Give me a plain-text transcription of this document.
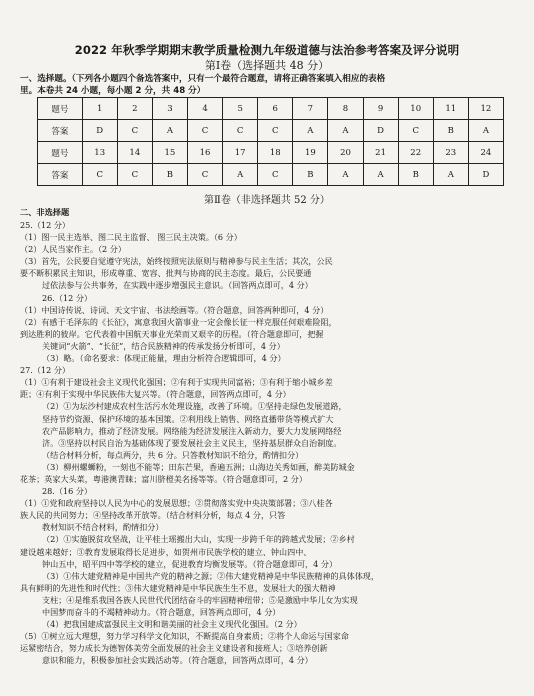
2022 年秋季学期期末教学质量检测九年级道德与法治参考答案及评分说明
第Ⅰ卷（选择题共 48 分）
一、选择题。（下列各小题四个备选答案中，只有一个最符合题意，请将正确答案填入相应的表格
里。本卷共 24 小题，每小题 2 分，共 48 分）
题号	1	2	3	4	5	6	7	8	9	10	11	12
答案	D	C	A	C	C	C	A	A	D	C	B	A
题号	13	14	15	16	17	18	19	20	21	22	23	24
答案	C	C	B	C	A	C	B	A	A	B	A	D
第Ⅱ卷（非选择题共 52 分）
二、非选择题
25.（12 分）
（1）图一民主选举、图二民主监督、 图三民主决策。（6 分）
（2）人民当家作主。（2 分）
（3）首先，公民要自觉遵守宪法，始终按照宪法原则与精神参与民主生活；其次，公民
要不断积累民主知识，形成尊重、宽容、批判与协商的民主态度。最后，公民要通
过依法参与公共事务，在实践中逐步增强民主意识。（回答两点即可，4 分）
26.（12 分）
（1）中国诗传说、诗词、天文宇宙、书法绘画等。（符合题意，回答两种即可，4 分）
（2）有感于毛泽东的《长征》，寓意我国火箭事业一定会像长征一样克服任何艰难险阻，
到达胜利的彼岸。它代表着中国航天事业光荣而又艰辛的历程。（符合题意即可，把握
关键词“火箭”、“长征”，结合民族精神的传承发扬分析即可，4 分）
（3）略。（命名要求：体现正能量，理由分析符合逻辑即可，4 分）
27.（12 分）
（1）①有利于建设社会主义现代化强国；②有利于实现共同富裕；③有利于缩小城乡差
距；④有利于实现中华民族伟大复兴等。（符合题意，回答两点即可，4 分）
（2）①为坛沙村建成农村生活污水处理设施，改善了环境。①坚持走绿色发展道路，
坚持节约资源、保护环境的基本国策。②利用线上销售、网络直播带货等模式扩大
农产品影响力，推动了经济发展。网络能为经济发展注入新动力，要大力发展网络经
济。③坚持以村民自治为基础体现了要发展社会主义民主，坚持基层群众自治制度。
（结合材料分析，每点两分，共 6 分。只答教材知识不给分，酌情扣分）
（3）柳州螺蛳粉，一刻也不能等；田东芒果，香遍五洲；山海边关秀如画，醉美防城金
花茶；英家大头菜，粤港澳青睐；富川脐橙美名扬等等。（符合题意即可，2 分）
28.（16 分）
（1）①党和政府坚持以人民为中心的发展思想；②贯彻落实党中央决策部署；③八桂各
族人民的共同努力；④坚持改革开放等。（结合材料分析，每点 4 分，只答
教材知识不结合材料，酌情扣分）
（2）①实施脱贫攻坚战，让平桂土瑶搬出大山，实现一步跨千年的跨越式发展；②乡村
建设越来越好；③教育发展取得长足进步，如贺州市民族学校的建立、钟山四中、
钟山五中，昭平四中等学校的建立，促进教育均衡发展等。（符合题意即可，4 分）
（3）①伟大建党精神是中国共产党的精神之源；②伟大建党精神是中华民族精神的具体体现，
具有鲜明的先进性和时代性；③伟大建党精神是中华民族生生不息，发展壮大的强大精神
支柱；④是维系我国各族人民世代代团结奋斗的牢固精神纽带；⑤是激励中华儿女为实现
中国梦而奋斗的不竭精神动力。（符合题意，回答两点即可，4 分）
（4）把我国建成富强民主文明和谐美丽的社会主义现代化强国。（2 分）
（5）①树立远大理想，努力学习科学文化知识，不断提高自身素质；②将个人命运与国家命
运紧密结合，努力成长为德智体美劳全面发展的社会主义建设者和接班人；③培养创新
意识和能力，积极参加社会实践活动等。（符合题意，回答两点即可，4 分）
